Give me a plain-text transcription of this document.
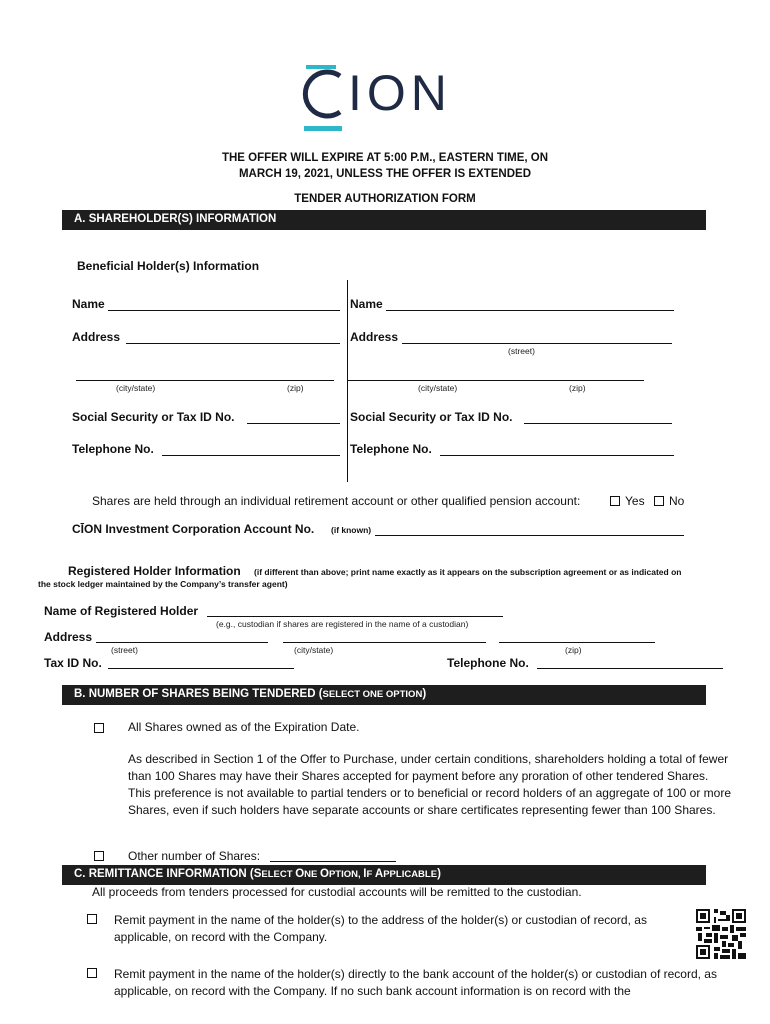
ION
THE OFFER WILL EXPIRE AT 5:00 P.M., EASTERN TIME, ON
MARCH 19, 2021, UNLESS THE OFFER IS EXTENDED
TENDER AUTHORIZATION FORM
A. SHAREHOLDER(S) INFORMATION
Beneficial Holder(s) Information
Name
Address
(city/state)	(zip)
Social Security or Tax ID No.
Telephone No.
Name
Address
(street)
(city/state)	(zip)
Social Security or Tax ID No.
Telephone No.
Shares are held through an individual retirement account or other qualified pension account:	Yes No
CĪON Investment Corporation Account No. (if known)
Registered Holder Information (if different than above; print name exactly as it appears on the subscription agreement or as indicated on
the stock ledger maintained by the Company’s transfer agent)
Name of Registered Holder
(e.g., custodian if shares are registered in the name of a custodian)
Address
(street)	(city/state)	(zip)
Tax ID No.	Telephone No.
B. NUMBER OF SHARES BEING TENDERED (SELECT ONE OPTION)
All Shares owned as of the Expiration Date.
As described in Section 1 of the Offer to Purchase, under certain conditions, shareholders holding a total of fewer than 100 Shares may have their Shares accepted for payment before any proration of other tendered Shares. This preference is not available to partial tenders or to beneficial or record holders of an aggregate of 100 or more Shares, even if such holders have separate accounts or share certificates representing fewer than 100 Shares.
Other number of Shares:
C. REMITTANCE INFORMATION (SELECT ONE OPTION, IF APPLICABLE)
All proceeds from tenders processed for custodial accounts will be remitted to the custodian.
Remit payment in the name of the holder(s) to the address of the holder(s) or custodian of record, as applicable, on record with the Company.
Remit payment in the name of the holder(s) directly to the bank account of the holder(s) or custodian of record, as applicable, on record with the Company. If no such bank account information is on record with the
